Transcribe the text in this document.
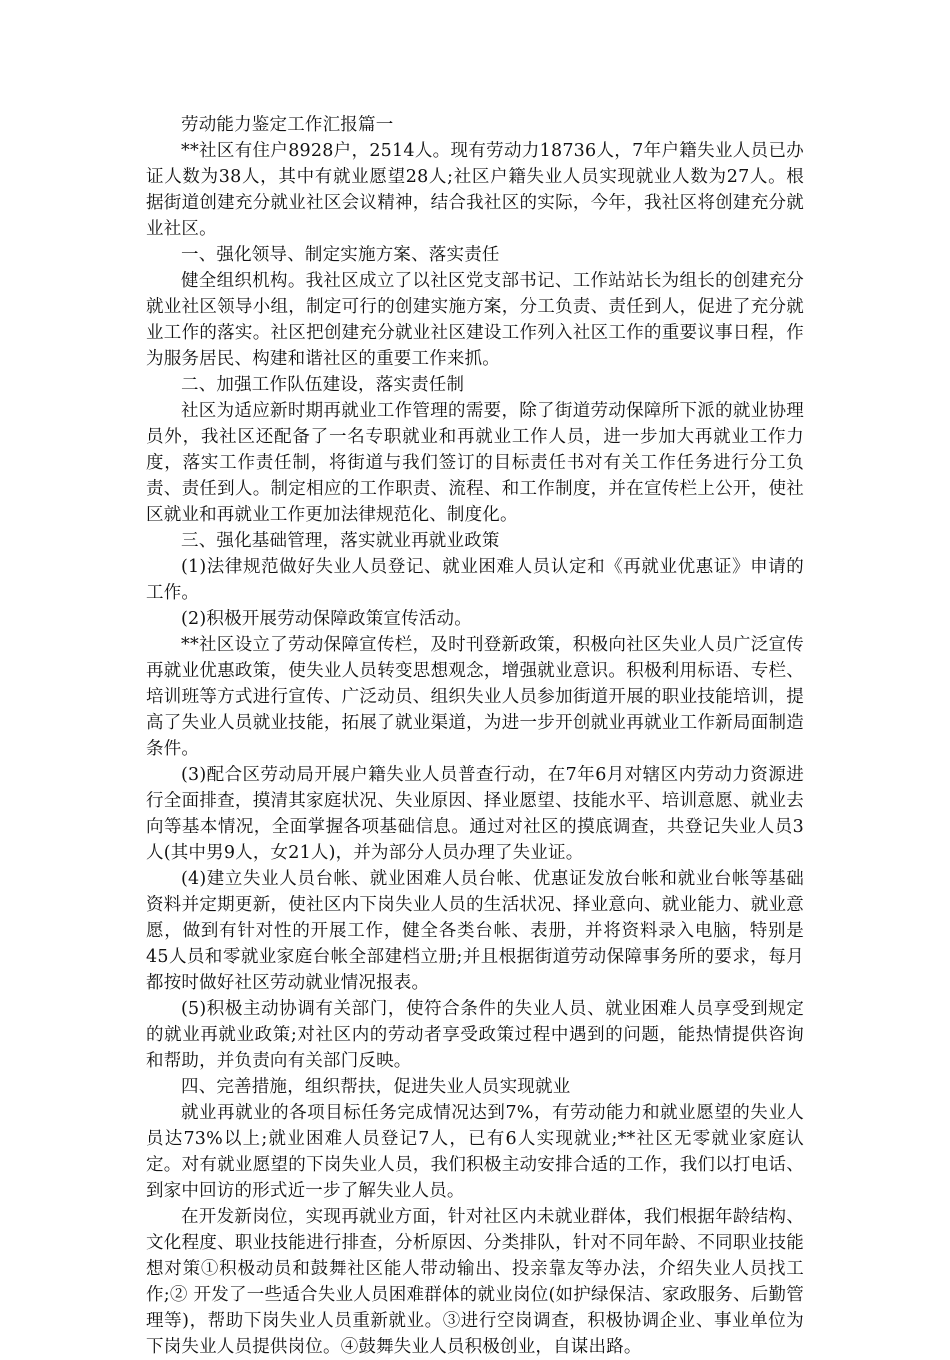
劳动能力鉴定工作汇报篇一

**社区有住户8928户，2514人。现有劳动力18736人，7年户籍失业人员已办证人数为38人，其中有就业愿望28人;社区户籍失业人员实现就业人数为27人。根据街道创建充分就业社区会议精神，结合我社区的实际，今年，我社区将创建充分就业社区。

一、强化领导、制定实施方案、落实责任

健全组织机构。我社区成立了以社区党支部书记、工作站站长为组长的创建充分就业社区领导小组，制定可行的创建实施方案，分工负责、责任到人，促进了充分就业工作的落实。社区把创建充分就业社区建设工作列入社区工作的重要议事日程，作为服务居民、构建和谐社区的重要工作来抓。

二、加强工作队伍建设，落实责任制

社区为适应新时期再就业工作管理的需要，除了街道劳动保障所下派的就业协理员外，我社区还配备了一名专职就业和再就业工作人员，进一步加大再就业工作力度，落实工作责任制，将街道与我们签订的目标责任书对有关工作任务进行分工负责、责任到人。制定相应的工作职责、流程、和工作制度，并在宣传栏上公开，使社区就业和再就业工作更加法律规范化、制度化。

三、强化基础管理，落实就业再就业政策

(1)法律规范做好失业人员登记、就业困难人员认定和《再就业优惠证》申请的工作。

(2)积极开展劳动保障政策宣传活动。

**社区设立了劳动保障宣传栏，及时刊登新政策，积极向社区失业人员广泛宣传再就业优惠政策，使失业人员转变思想观念，增强就业意识。积极利用标语、专栏、培训班等方式进行宣传、广泛动员、组织失业人员参加街道开展的职业技能培训，提高了失业人员就业技能，拓展了就业渠道，为进一步开创就业再就业工作新局面制造条件。

(3)配合区劳动局开展户籍失业人员普查行动，在7年6月对辖区内劳动力资源进行全面排查，摸清其家庭状况、失业原因、择业愿望、技能水平、培训意愿、就业去向等基本情况，全面掌握各项基础信息。通过对社区的摸底调查，共登记失业人员3人(其中男9人，女21人)，并为部分人员办理了失业证。

(4)建立失业人员台帐、就业困难人员台帐、优惠证发放台帐和就业台帐等基础资料并定期更新，使社区内下岗失业人员的生活状况、择业意向、就业能力、就业意愿，做到有针对性的开展工作，健全各类台帐、表册，并将资料录入电脑，特别是45人员和零就业家庭台帐全部建档立册;并且根据街道劳动保障事务所的要求，每月都按时做好社区劳动就业情况报表。

(5)积极主动协调有关部门，使符合条件的失业人员、就业困难人员享受到规定的就业再就业政策;对社区内的劳动者享受政策过程中遇到的问题，能热情提供咨询和帮助，并负责向有关部门反映。

四、完善措施，组织帮扶，促进失业人员实现就业

就业再就业的各项目标任务完成情况达到7%，有劳动能力和就业愿望的失业人员达73%以上;就业困难人员登记7人，已有6人实现就业;**社区无零就业家庭认定。对有就业愿望的下岗失业人员，我们积极主动安排合适的工作，我们以打电话、到家中回访的形式近一步了解失业人员。

在开发新岗位，实现再就业方面，针对社区内未就业群体，我们根据年龄结构、文化程度、职业技能进行排查，分析原因、分类排队，针对不同年龄、不同职业技能想对策①积极动员和鼓舞社区能人带动输出、投亲靠友等办法，介绍失业人员找工作;② 开发了一些适合失业人员困难群体的就业岗位(如护绿保洁、家政服务、后勤管理等)，帮助下岗失业人员重新就业。③进行空岗调查，积极协调企业、事业单位为下岗失业人员提供岗位。④鼓舞失业人员积极创业，自谋出路。
